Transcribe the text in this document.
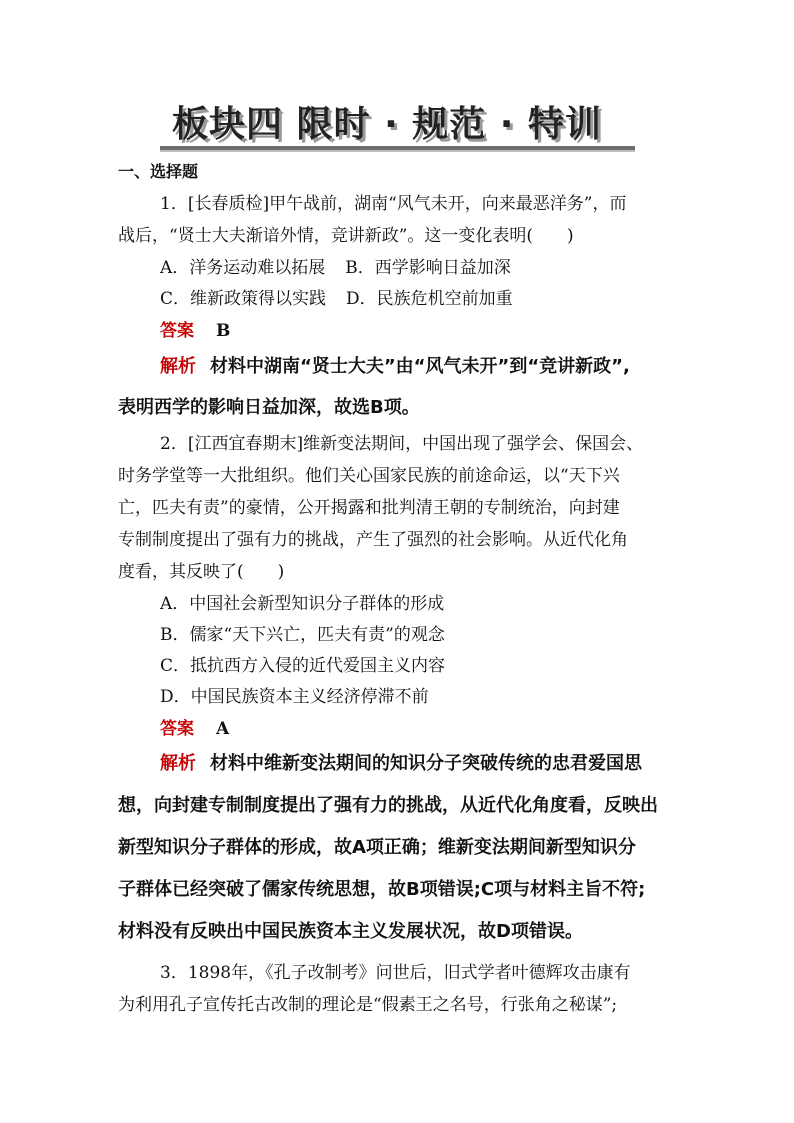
板块四 限时 · 规范 · 特训
一、选择题
1．[长春质检]甲午战前，湖南“风气未开，向来最恶洋务”，而
战后，“贤士大夫渐谙外情，竞讲新政”。这一变化表明(　　)
A．洋务运动难以拓展 B．西学影响日益加深
C．维新政策得以实践 D．民族危机空前加重
答案 B
解析 材料中湖南“贤士大夫”由“风气未开”到“竞讲新政”,
表明西学的影响日益加深，故选B项。
2．[江西宜春期末]维新变法期间，中国出现了强学会、保国会、
时务学堂等一大批组织。他们关心国家民族的前途命运，以“天下兴
亡，匹夫有责”的豪情，公开揭露和批判清王朝的专制统治，向封建
专制制度提出了强有力的挑战，产生了强烈的社会影响。从近代化角
度看，其反映了(　　)
A．中国社会新型知识分子群体的形成
B．儒家“天下兴亡，匹夫有责”的观念
C．抵抗西方入侵的近代爱国主义内容
D．中国民族资本主义经济停滞不前
答案 A
解析 材料中维新变法期间的知识分子突破传统的忠君爱国思
想，向封建专制制度提出了强有力的挑战，从近代化角度看，反映出
新型知识分子群体的形成，故A项正确；维新变法期间新型知识分
子群体已经突破了儒家传统思想，故B项错误;C项与材料主旨不符;
材料没有反映出中国民族资本主义发展状况，故D项错误。
3．1898年，《孔子改制考》问世后，旧式学者叶德辉攻击康有
为利用孔子宣传托古改制的理论是“假素王之名号，行张角之秘谋”;
